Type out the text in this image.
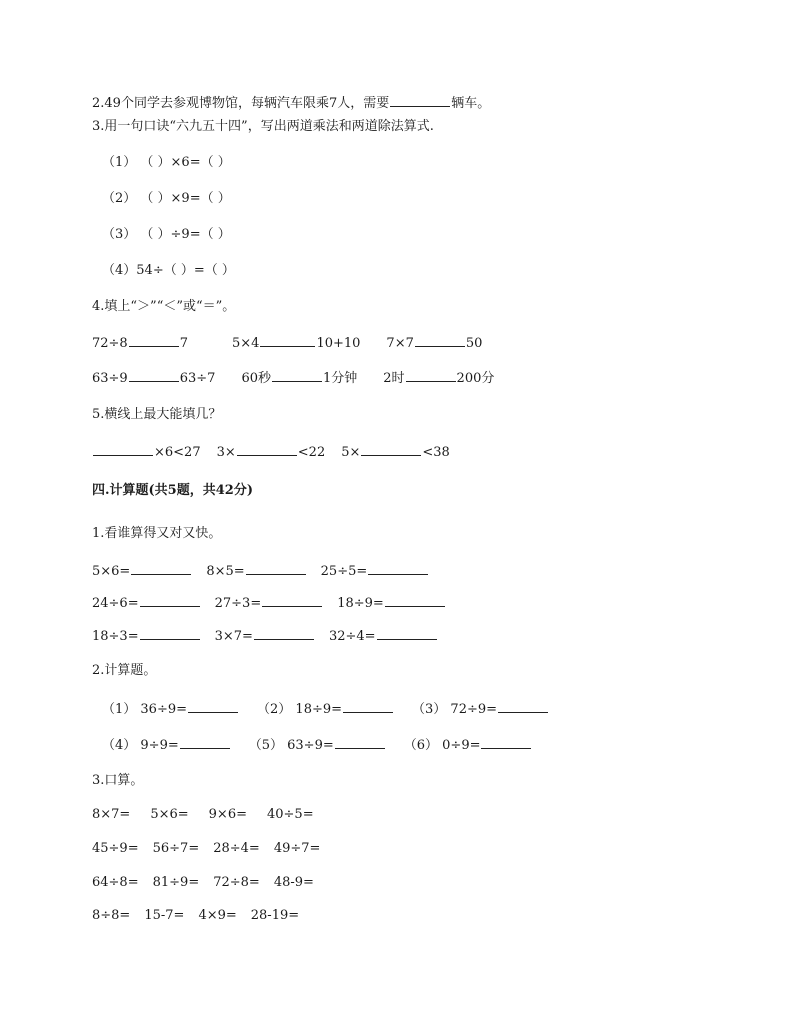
2.49个同学去参观博物馆，每辆汽车限乘7人，需要	辆车。
3.用一句口诀“六九五十四”，写出两道乘法和两道除法算式.
（1） （ ）×6=（ ）
（2） （ ）×9=（ ）
（3） （ ）÷9=（ ）
（4）54÷（ ）=（ ）
4.填上“＞”“＜”或“＝”。
72÷8	7	5×4	10+10 7×7	50
63÷9	63÷7 60秒	1分钟 2时	200分
5.横线上最大能填几？
×6<27 3×	<22 5×	<38
四.计算题(共5题，共42分)
1.看谁算得又对又快。
5×6=	8×5=	25÷5=
24÷6=	27÷3=	18÷9=
18÷3=	3×7=	32÷4=
2.计算题。
（1） 36÷9=	（2） 18÷9=	（3） 72÷9=
（4） 9÷9=	（5） 63÷9=	（6） 0÷9=
3.口算。
8×7= 5×6= 9×6= 40÷5=
45÷9= 56÷7= 28÷4= 49÷7=
64÷8= 81÷9= 72÷8= 48-9=
8÷8= 15-7= 4×9= 28-19=
